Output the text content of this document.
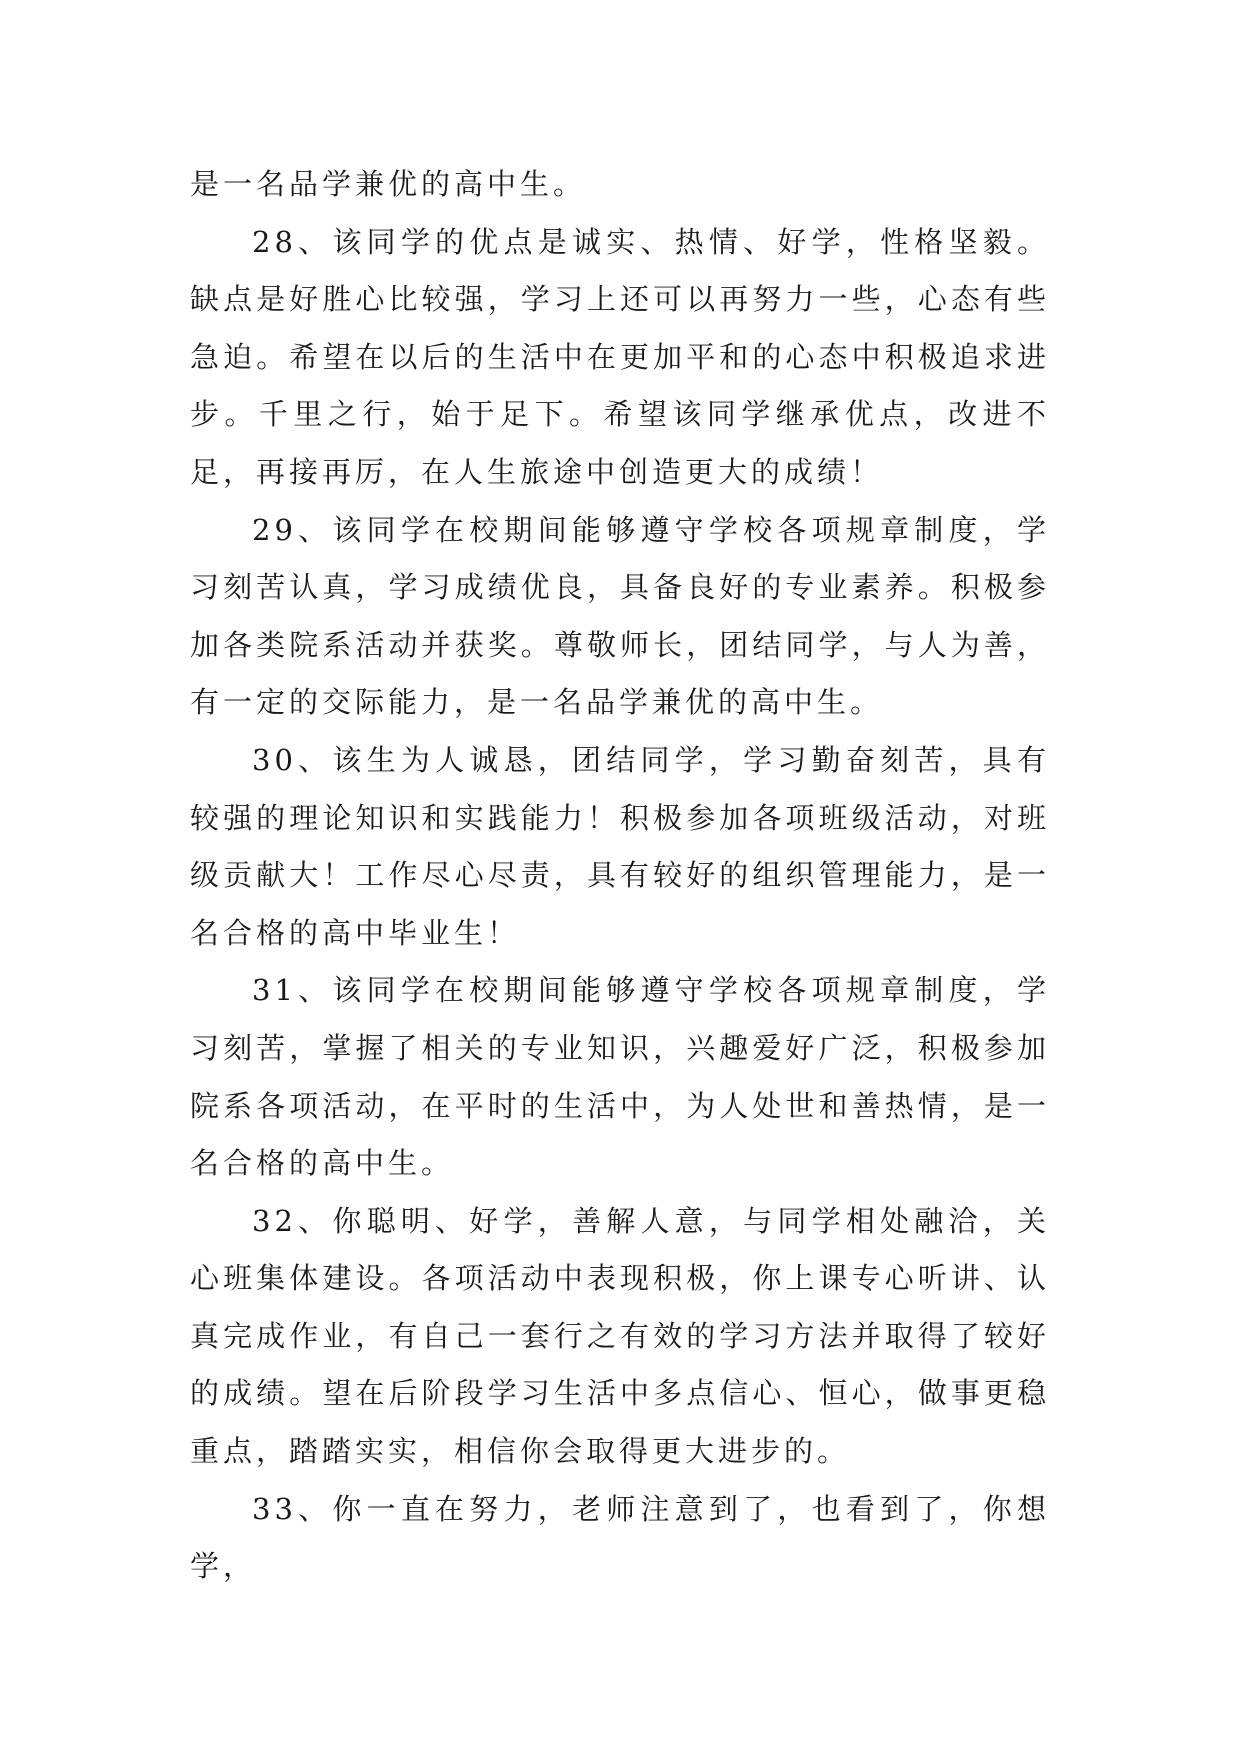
是一名品学兼优的高中生。

28、该同学的优点是诚实、热情、好学，性格坚毅。缺点是好胜心比较强，学习上还可以再努力一些，心态有些急迫。希望在以后的生活中在更加平和的心态中积极追求进步。千里之行，始于足下。希望该同学继承优点，改进不足，再接再厉，在人生旅途中创造更大的成绩！

29、该同学在校期间能够遵守学校各项规章制度，学习刻苦认真，学习成绩优良，具备良好的专业素养。积极参加各类院系活动并获奖。尊敬师长，团结同学，与人为善，有一定的交际能力，是一名品学兼优的高中生。

30、该生为人诚恳，团结同学，学习勤奋刻苦，具有较强的理论知识和实践能力！积极参加各项班级活动，对班级贡献大！工作尽心尽责，具有较好的组织管理能力，是一名合格的高中毕业生！

31、该同学在校期间能够遵守学校各项规章制度，学习刻苦，掌握了相关的专业知识，兴趣爱好广泛，积极参加院系各项活动，在平时的生活中，为人处世和善热情，是一名合格的高中生。

32、你聪明、好学，善解人意，与同学相处融洽，关心班集体建设。各项活动中表现积极，你上课专心听讲、认真完成作业，有自己一套行之有效的学习方法并取得了较好的成绩。望在后阶段学习生活中多点信心、恒心，做事更稳重点，踏踏实实，相信你会取得更大进步的。

33、你一直在努力，老师注意到了，也看到了，你想学，
